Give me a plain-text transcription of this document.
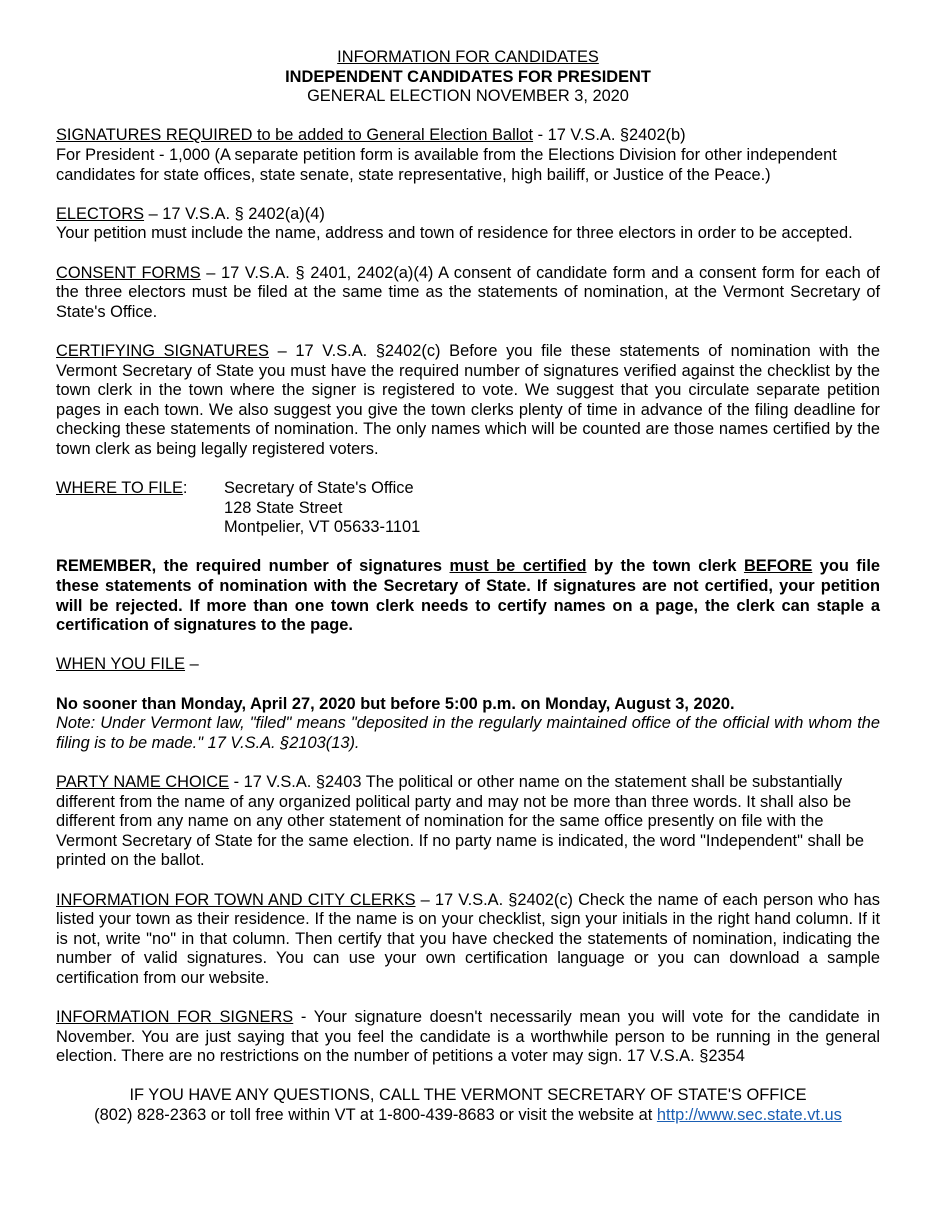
INFORMATION FOR CANDIDATES

INDEPENDENT CANDIDATES FOR PRESIDENT

GENERAL ELECTION NOVEMBER 3, 2020

SIGNATURES REQUIRED to be added to General Election Ballot - 17 V.S.A. §2402(b)

For President - 1,000 (A separate petition form is available from the Elections Division for other independent candidates for state offices, state senate, state representative, high bailiff, or Justice of the Peace.)

ELECTORS – 17 V.S.A. § 2402(a)(4)

Your petition must include the name, address and town of residence for three electors in order to be accepted.

CONSENT FORMS – 17 V.S.A. § 2401, 2402(a)(4) A consent of candidate form and a consent form for each of the three electors must be filed at the same time as the statements of nomination, at the Vermont Secretary of State's Office.

CERTIFYING SIGNATURES – 17 V.S.A. §2402(c) Before you file these statements of nomination with the Vermont Secretary of State you must have the required number of signatures verified against the checklist by the town clerk in the town where the signer is registered to vote. We suggest that you circulate separate petition pages in each town. We also suggest you give the town clerks plenty of time in advance of the filing deadline for checking these statements of nomination. The only names which will be counted are those names certified by the town clerk as being legally registered voters.

WHERE TO FILE:	Secretary of State's Office

128 State Street

Montpelier, VT 05633-1101

REMEMBER, the required number of signatures must be certified by the town clerk BEFORE you file these statements of nomination with the Secretary of State. If signatures are not certified, your petition will be rejected. If more than one town clerk needs to certify names on a page, the clerk can staple a certification of signatures to the page.

WHEN YOU FILE –

No sooner than Monday, April 27, 2020 but before 5:00 p.m. on Monday, August 3, 2020.

Note: Under Vermont law, "filed" means "deposited in the regularly maintained office of the official with whom the filing is to be made." 17 V.S.A. §2103(13).

PARTY NAME CHOICE - 17 V.S.A. §2403 The political or other name on the statement shall be substantially different from the name of any organized political party and may not be more than three words. It shall also be different from any name on any other statement of nomination for the same office presently on file with the Vermont Secretary of State for the same election. If no party name is indicated, the word "Independent" shall be printed on the ballot.

INFORMATION FOR TOWN AND CITY CLERKS – 17 V.S.A. §2402(c) Check the name of each person who has listed your town as their residence. If the name is on your checklist, sign your initials in the right hand column. If it is not, write "no" in that column. Then certify that you have checked the statements of nomination, indicating the number of valid signatures. You can use your own certification language or you can download a sample certification from our website.

INFORMATION FOR SIGNERS - Your signature doesn't necessarily mean you will vote for the candidate in November. You are just saying that you feel the candidate is a worthwhile person to be running in the general election. There are no restrictions on the number of petitions a voter may sign. 17 V.S.A. §2354

IF YOU HAVE ANY QUESTIONS, CALL THE VERMONT SECRETARY OF STATE'S OFFICE

(802) 828-2363 or toll free within VT at 1-800-439-8683 or visit the website at http://www.sec.state.vt.us
